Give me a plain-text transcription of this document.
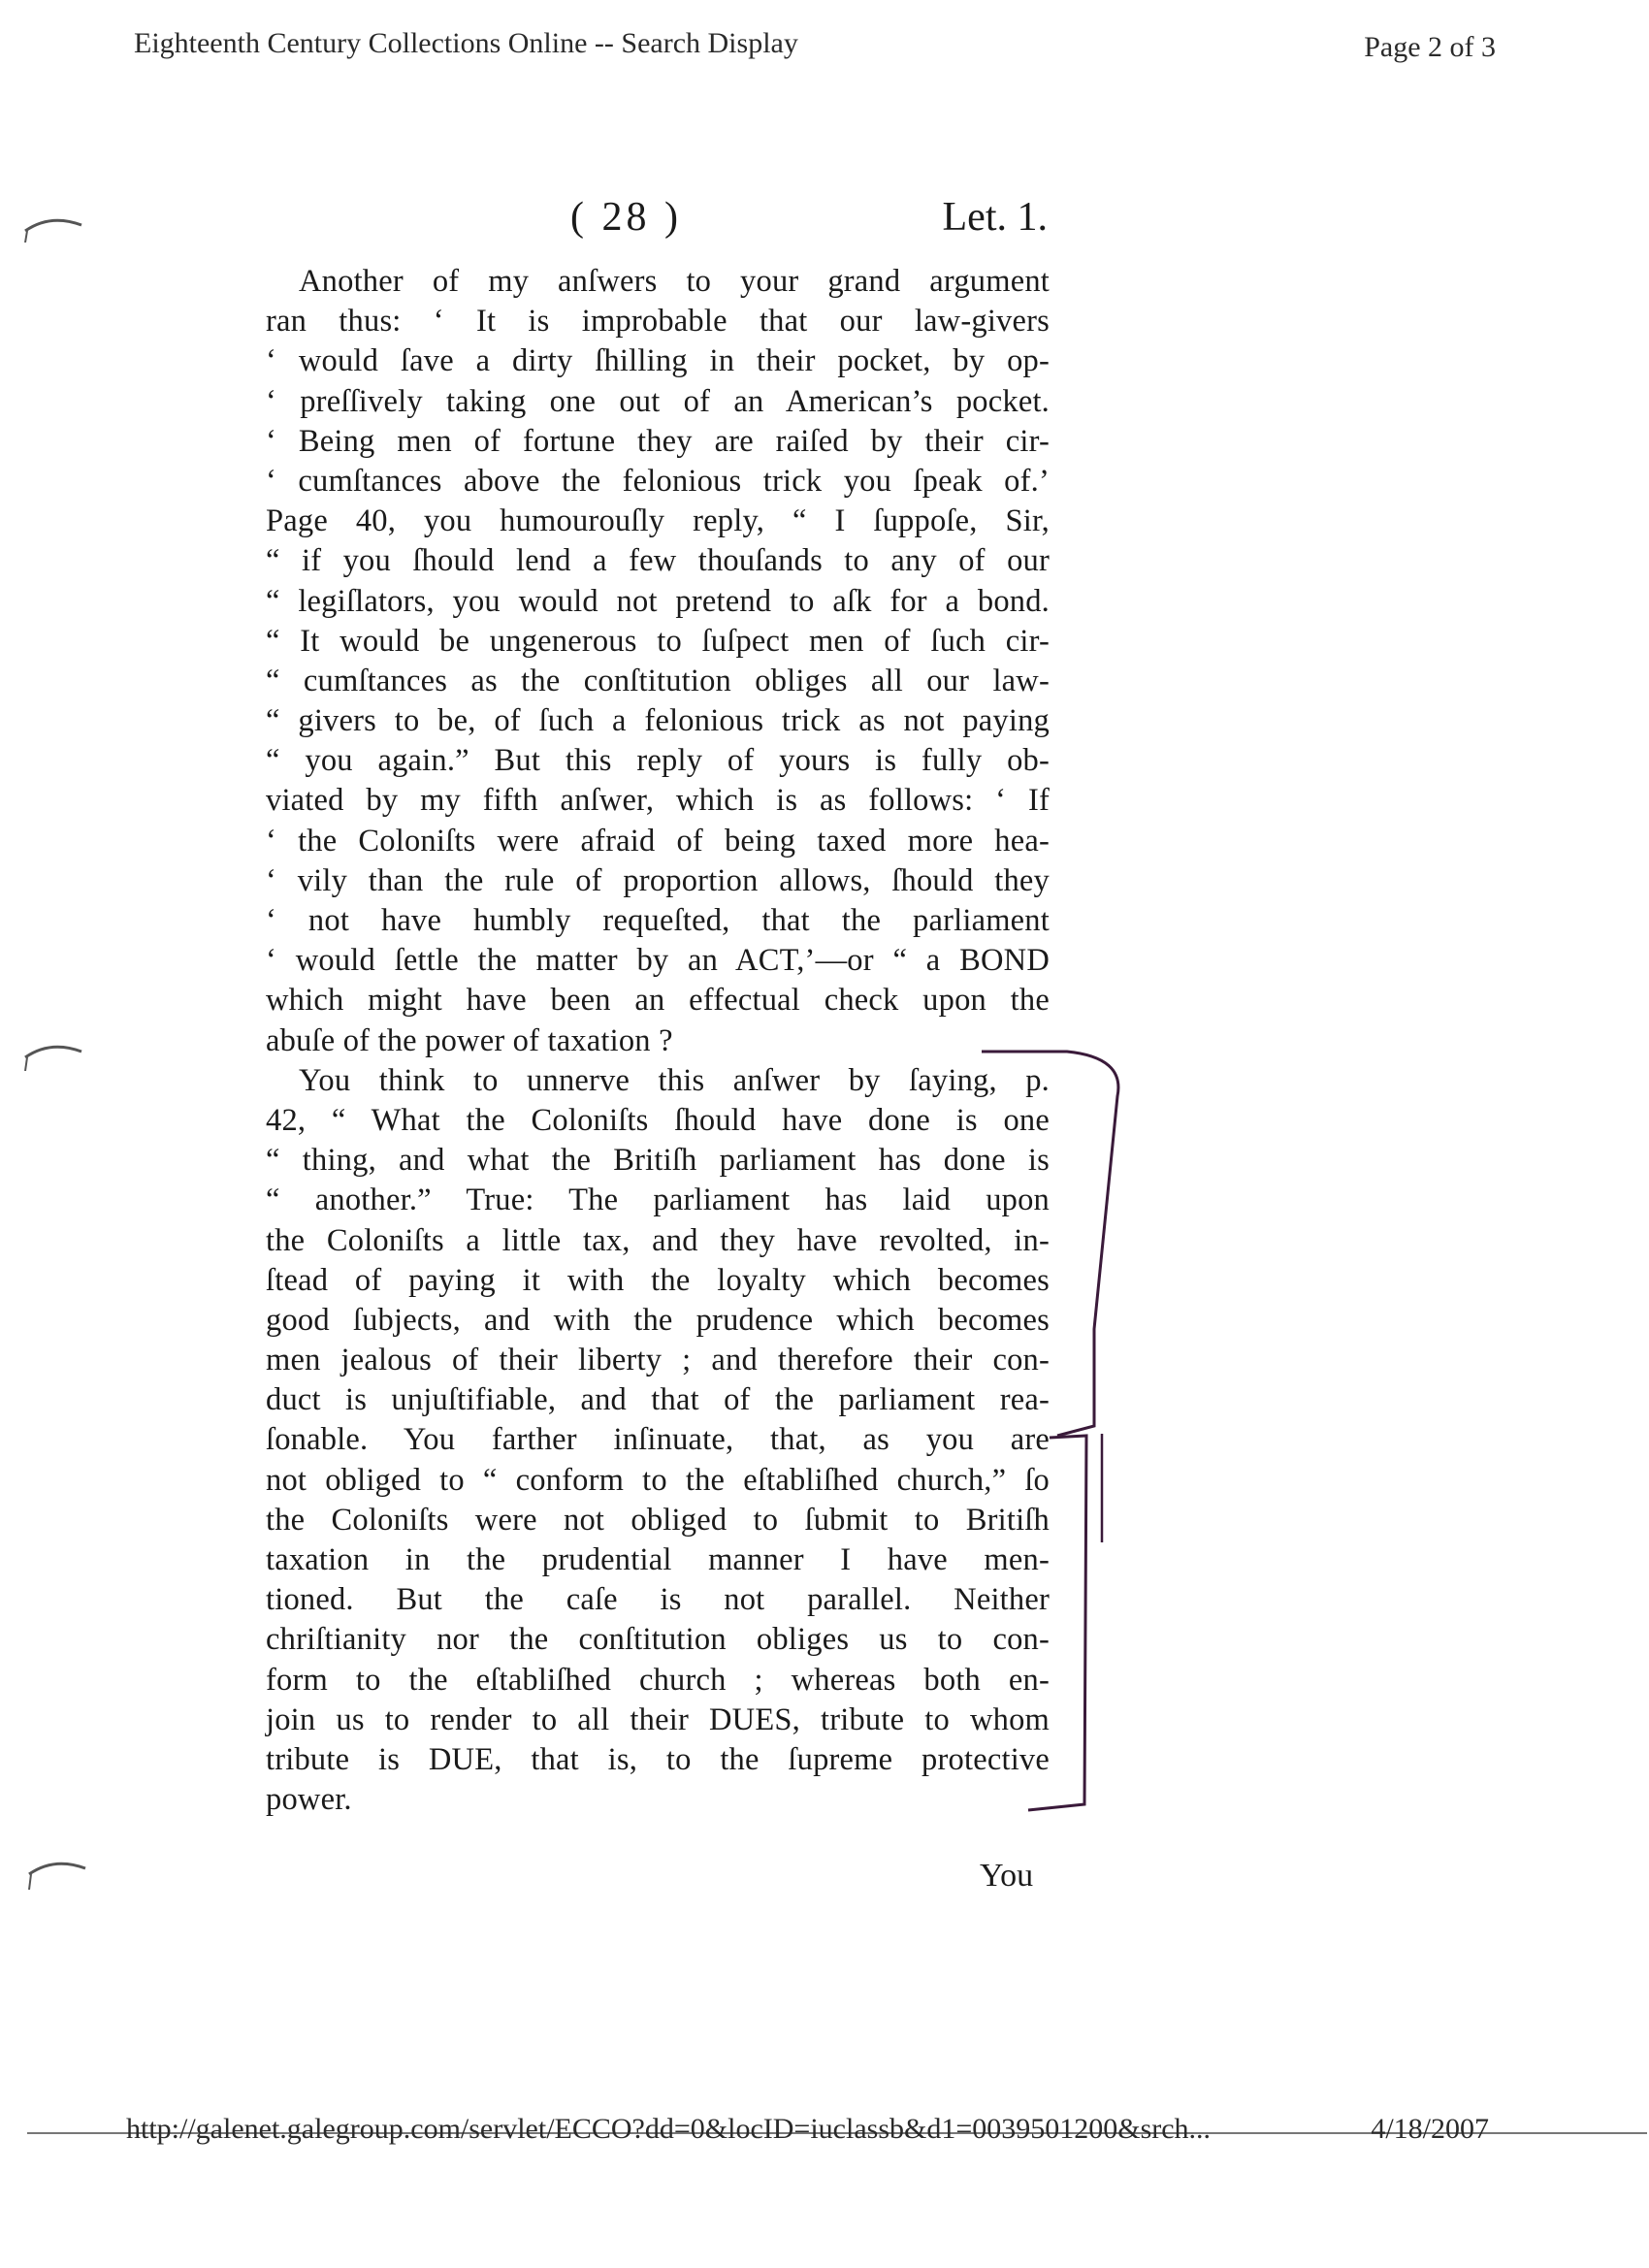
Eighteenth Century Collections Online -- Search Display	Page 2 of 3
( 28 )	Let. 1.
Another of my anſwers to your grand argument
ran thus: ‘ It is improbable that our law-givers
‘ would ſave a dirty ſhilling in their pocket, by op-
‘ preſſively taking one out of an American’s pocket.
‘ Being men of fortune they are raiſed by their cir-
‘ cumſtances above the felonious trick you ſpeak of.’
Page 40, you humourouſly reply, “ I ſuppoſe, Sir,
“ if you ſhould lend a few thouſands to any of our
“ legiſlators, you would not pretend to aſk for a bond.
“ It would be ungenerous to ſuſpect men of ſuch cir-
“ cumſtances as the conſtitution obliges all our law-
“ givers to be, of ſuch a felonious trick as not paying
“ you again.” But this reply of yours is fully ob-
viated by my fifth anſwer, which is as follows: ‘ If
‘ the Coloniſts were afraid of being taxed more hea-
‘ vily than the rule of proportion allows, ſhould they
‘ not have humbly requeſted, that the parliament
‘ would ſettle the matter by an ACT,’—or “ a BOND
which might have been an effectual check upon the
abuſe of the power of taxation ?
You think to unnerve this anſwer by ſaying, p.
42, “ What the Coloniſts ſhould have done is one
“ thing, and what the Britiſh parliament has done is
“ another.” True: The parliament has laid upon
the Coloniſts a little tax, and they have revolted, in-
ſtead of paying it with the loyalty which becomes
good ſubjects, and with the prudence which becomes
men jealous of their liberty ; and therefore their con-
duct is unjuſtifiable, and that of the parliament rea-
ſonable. You farther inſinuate, that, as you are
not obliged to “ conform to the eſtabliſhed church,” ſo
the Coloniſts were not obliged to ſubmit to Britiſh
taxation in the prudential manner I have men-
tioned. But the caſe is not parallel. Neither
chriſtianity nor the conſtitution obliges us to con-
form to the eſtabliſhed church ; whereas both en-
join us to render to all their DUES, tribute to whom
tribute is DUE, that is, to the ſupreme protective
power.
You
http://galenet.galegroup.com/servlet/ECCO?dd=0&locID=iuclassb&d1=0039501200&srch...	4/18/2007
